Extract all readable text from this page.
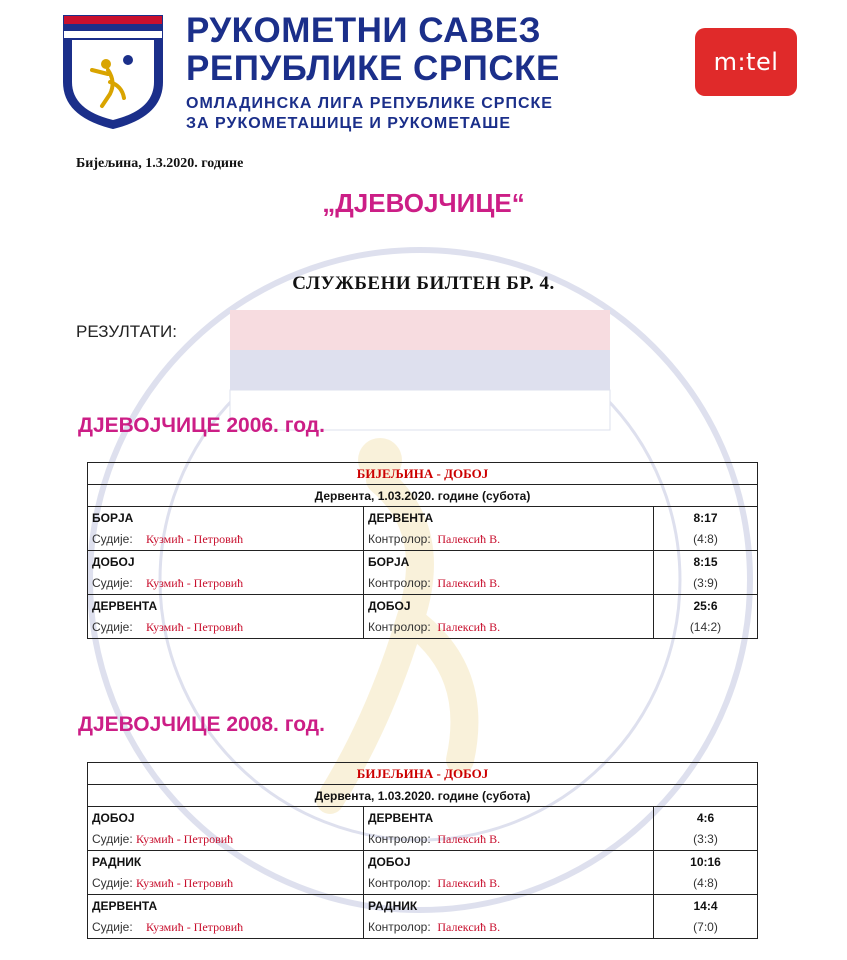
РУКОМЕТНИ САВЕЗ
РЕПУБЛИКЕ СРПСКЕ
ОМЛАДИНСКА ЛИГА РЕПУБЛИКЕ СРПСКЕ
ЗА РУКОМЕТАШИЦЕ И РУКОМЕТАШЕ
m:tel
Бијељина, 1.3.2020. године
„ДЈЕВОЈЧИЦЕ“
СЛУЖБЕНИ БИЛТЕН БР. 4.
РЕЗУЛТАТИ:
ДЈЕВОЈЧИЦЕ 2006. год.
БИЈЕЉИНА - ДОБОЈ		
Дервента, 1.03.2020. године (субота)		
БОРЈА	ДЕРВЕНТА	8:17
Судије: Кузмић - Петровић	Контролор: Палексић В.	(4:8)
ДОБОЈ	БОРЈА	8:15
Судије: Кузмић - Петровић	Контролор: Палексић В.	(3:9)
ДЕРВЕНТА	ДОБОЈ	25:6
Судије: Кузмић - Петровић	Контролор: Палексић В.	(14:2)
ДЈЕВОЈЧИЦЕ 2008. год.
БИЈЕЉИНА - ДОБОЈ		
Дервента, 1.03.2020. године (субота)		
ДОБОЈ	ДЕРВЕНТА	4:6
Судије: Кузмић - Петровић	Контролор: Палексић В.	(3:3)
РАДНИК	ДОБОЈ	10:16
Судије: Кузмић - Петровић	Контролор: Палексић В.	(4:8)
ДЕРВЕНТА	РАДНИК	14:4
Судије: Кузмић - Петровић	Контролор: Палексић В.	(7:0)
